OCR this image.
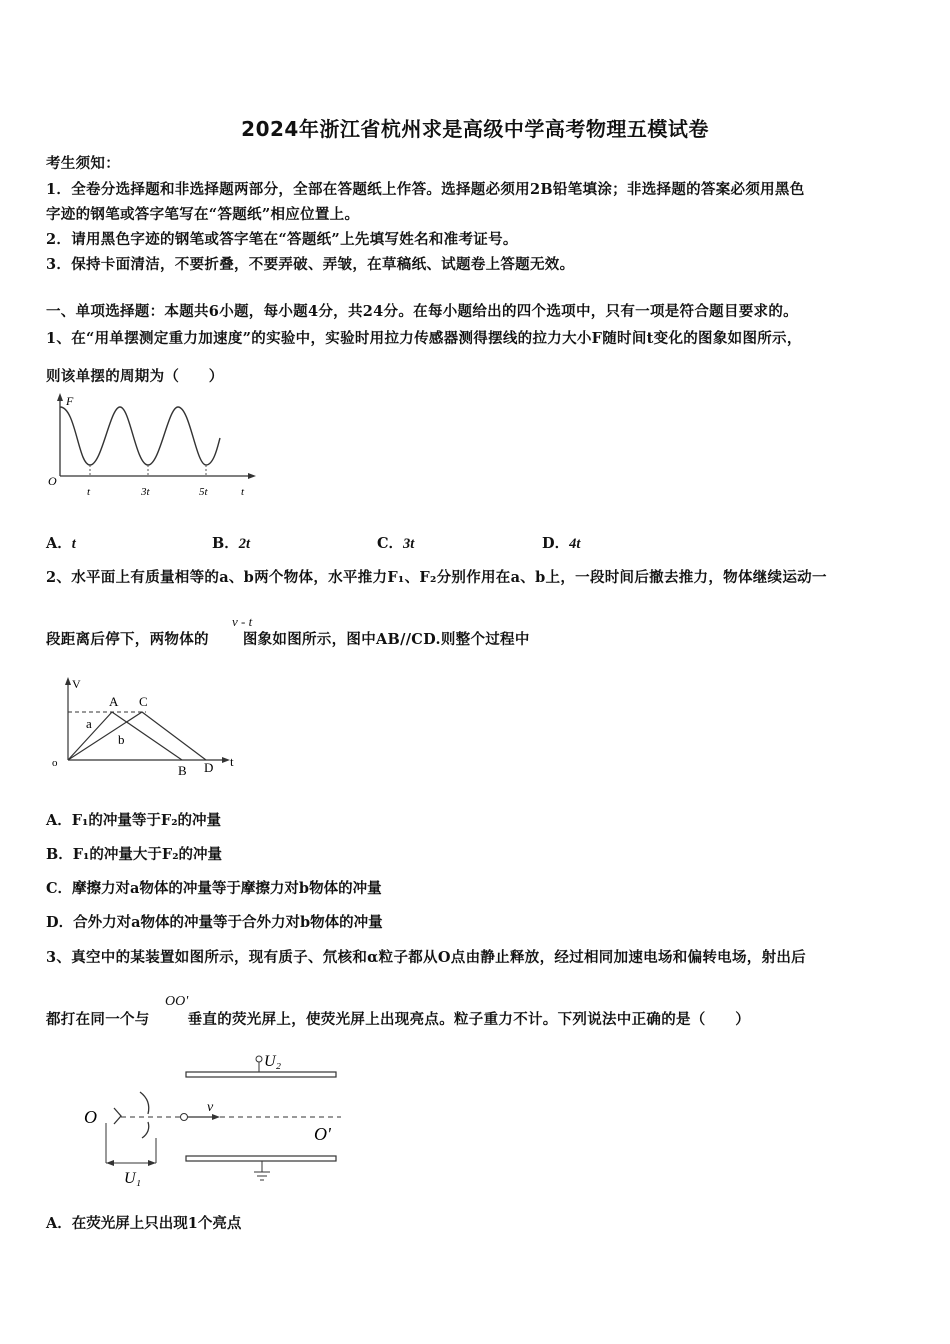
2024年浙江省杭州求是高级中学高考物理五模试卷
考生须知：
1．全卷分选择题和非选择题两部分，全部在答题纸上作答。选择题必须用2B铅笔填涂；非选择题的答案必须用黑色
字迹的钢笔或答字笔写在“答题纸”相应位置上。
2．请用黑色字迹的钢笔或答字笔在“答题纸”上先填写姓名和准考证号。
3．保持卡面清洁，不要折叠，不要弄破、弄皱，在草稿纸、试题卷上答题无效。
一、单项选择题：本题共6小题，每小题4分，共24分。在每小题给出的四个选项中，只有一项是符合题目要求的。
1、在“用单摆测定重力加速度”的实验中，实验时用拉力传感器测得摆线的拉力大小F随时间t变化的图象如图所示，
则该单摆的周期为（　　）
F
O
t	3t	5t	t
A．t	B．2t	C．3t	D．4t
2、水平面上有质量相等的a、b两个物体，水平推力F₁、F₂分别作用在a、b上，一段时间后撤去推力，物体继续运动一
段距离后停下，两物体的 图象如图所示，图中AB//CD.则整个过程中
v - t
V
o
A C
B D
a
b
t
A．F₁的冲量等于F₂的冲量
B．F₁的冲量大于F₂的冲量
C．摩擦力对a物体的冲量等于摩擦力对b物体的冲量
D．合外力对a物体的冲量等于合外力对b物体的冲量
3、真空中的某装置如图所示，现有质子、氘核和α粒子都从O点由静止释放，经过相同加速电场和偏转电场，射出后
都打在同一个与	垂直的荧光屏上，使荧光屏上出现亮点。粒子重力不计。下列说法中正确的是（　　）
OO'
U₂
v
O
O'
U₁
A．在荧光屏上只出现1个亮点
